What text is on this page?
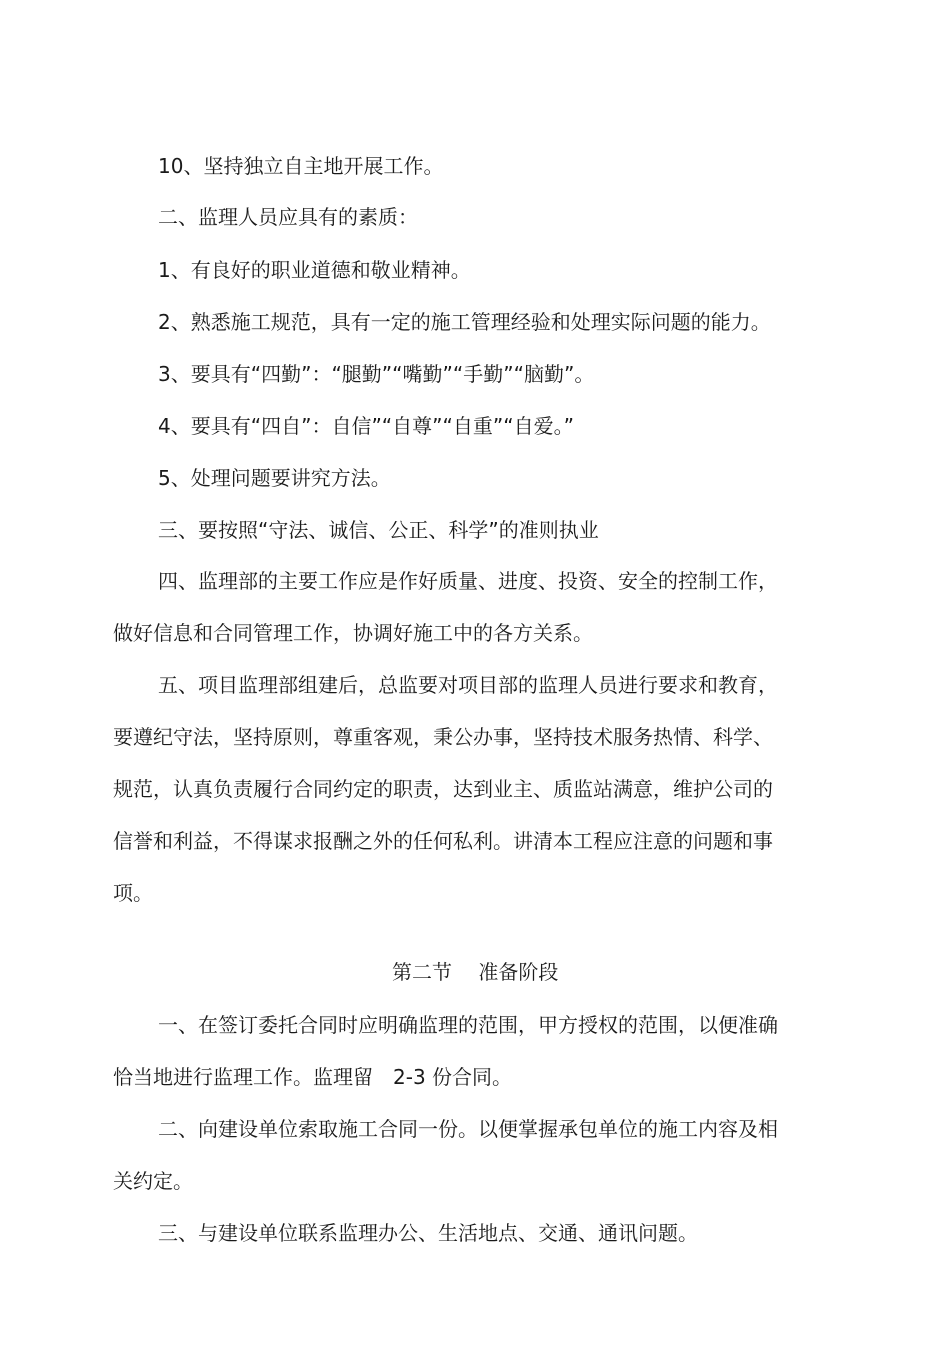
10、坚持独立自主地开展工作。
二、监理人员应具有的素质：
1、有良好的职业道德和敬业精神。
2、熟悉施工规范，具有一定的施工管理经验和处理实际问题的能力。
3、要具有“四勤”：“腿勤”“嘴勤”“手勤”“脑勤”。
4、要具有“四自”：自信”“自尊”“自重”“自爱。”
5、处理问题要讲究方法。
三、要按照“守法、诚信、公正、科学”的准则执业
四、监理部的主要工作应是作好质量、进度、投资、安全的控制工作，
做好信息和合同管理工作，协调好施工中的各方关系。
五、项目监理部组建后，总监要对项目部的监理人员进行要求和教育，
要遵纪守法，坚持原则，尊重客观，秉公办事，坚持技术服务热情、科学、
规范，认真负责履行合同约定的职责，达到业主、质监站满意，维护公司的
信誉和利益，不得谋求报酬之外的任何私利。讲清本工程应注意的问题和事
项。
第二节　 准备阶段
一、在签订委托合同时应明确监理的范围，甲方授权的范围，以便准确
恰当地进行监理工作。监理留　2-3 份合同。
二、向建设单位索取施工合同一份。以便掌握承包单位的施工内容及相
关约定。
三、与建设单位联系监理办公、生活地点、交通、通讯问题。
